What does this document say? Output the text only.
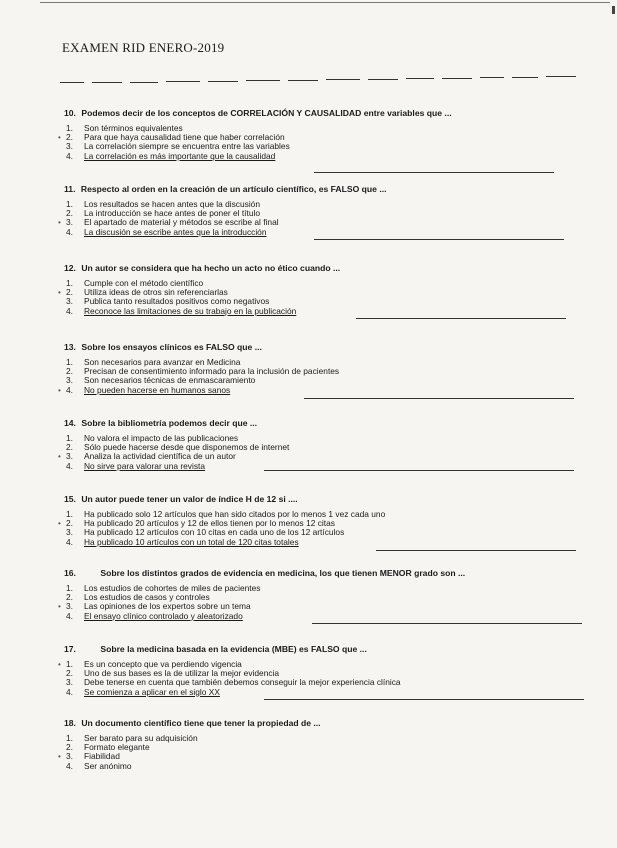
EXAMEN RID ENERO-2019
10. Podemos decir de los conceptos de CORRELACIÓN Y CAUSALIDAD entre variables que ...
1. Son términos equivalentes
• 2. Para que haya causalidad tiene que haber correlación
3. La correlación siempre se encuentra entre las variables
4. La correlación es más importante que la causalidad
11. Respecto al orden en la creación de un artículo científico, es FALSO que ...
1. Los resultados se hacen antes que la discusión
2. La introducción se hace antes de poner el título
• 3. El apartado de material y métodos se escribe al final
4. La discusión se escribe antes que la introducción
12. Un autor se considera que ha hecho un acto no ético cuando ...
1. Cumple con el método científico
• 2. Utiliza ideas de otros sin referenciarlas
3. Publica tanto resultados positivos como negativos
4. Reconoce las limitaciones de su trabajo en la publicación
13. Sobre los ensayos clínicos es FALSO que ...
1. Son necesarios para avanzar en Medicina
2. Precisan de consentimiento informado para la inclusión de pacientes
3. Son necesarios técnicas de enmascaramiento
• 4. No pueden hacerse en humanos sanos
14. Sobre la bibliometría podemos decir que ...
1. No valora el impacto de las publicaciones
2. Sólo puede hacerse desde que disponemos de internet
• 3. Analiza la actividad científica de un autor
4. No sirve para valorar una revista
15. Un autor puede tener un valor de índice H de 12 si ....
1. Ha publicado solo 12 artículos que han sido citados por lo menos 1 vez cada uno
• 2. Ha publicado 20 artículos y 12 de ellos tienen por lo menos 12 citas
3. Ha publicado 12 artículos con 10 citas en cada uno de los 12 artículos
4. Ha publicado 10 artículos con un total de 120 citas totales
16.	Sobre los distintos grados de evidencia en medicina, los que tienen MENOR grado son ...
1. Los estudios de cohortes de miles de pacientes
2. Los estudios de casos y controles
• 3. Las opiniones de los expertos sobre un tema
4. El ensayo clínico controlado y aleatorizado
17.	Sobre la medicina basada en la evidencia (MBE) es FALSO que ...
• 1. Es un concepto que va perdiendo vigencia
2. Uno de sus bases es la de utilizar la mejor evidencia
3. Debe tenerse en cuenta que también debemos conseguir la mejor experiencia clínica
4. Se comienza a aplicar en el siglo XX
18. Un documento científico tiene que tener la propiedad de ...
1. Ser barato para su adquisición
2. Formato elegante
• 3. Fiabilidad
4. Ser anónimo
